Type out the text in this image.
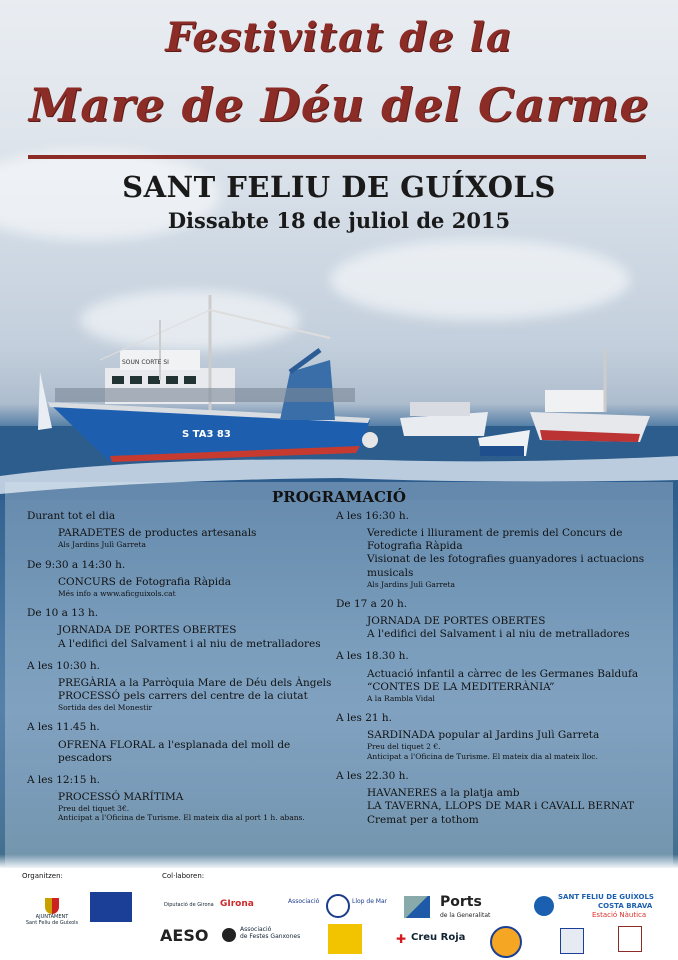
Festivitat de la
Mare de Déu del Carme
SANT FELIU DE GUÍXOLS
Dissabte 18 de juliol de 2015
S TA3 83
SOUN CORTE SI
PROGRAMACIÓ
Durant tot el dia
PARADETES de productes artesanals
Als Jardins Julì Garreta
De 9:30 a 14:30 h.
CONCURS de Fotografia Ràpida
Més info a www.aficguixols.cat
De 10 a 13 h.
JORNADA DE PORTES OBERTES
A l'edifici del Salvament i al niu de metralladores
A les 10:30 h.
PREGÀRIA a la Parròquia Mare de Déu dels Àngels
PROCESSÓ pels carrers del centre de la ciutat
Sortida des del Monestir
A les 11.45 h.
OFRENA FLORAL a l'esplanada del moll de pescadors
A les 12:15 h.
PROCESSÓ MARÍTIMA
Preu del tiquet 3€.
Anticipat a l'Oficina de Turisme. El mateix dia al port 1 h. abans.
A les 16:30 h.
Veredicte i lliurament de premis del Concurs de Fotografia Ràpida
Visionat de les fotografies guanyadores i actuacions musicals
Als Jardins Julì Garreta
De 17 a 20 h.
JORNADA DE PORTES OBERTES
A l'edifici del Salvament i al niu de metralladores
A les 18.30 h.
Actuació infantil a càrrec de les Germanes Baldufa
“CONTES DE LA MEDITERRÀNIA”
A la Rambla Vidal
A les 21 h.
SARDINADA popular al Jardins Julì Garreta
Preu del tiquet 2 €.
Anticipat a l'Oficina de Turisme. El mateix dia al mateix lloc.
A les 22.30 h.
HAVANERES a la platja amb
LA TAVERNA, LLOPS DE MAR i CAVALL BERNAT
Cremat per a tothom
Organitzen:	Col·laboren:
AJUNTAMENT
Sant Feliu de Guíxols
Diputació de Girona GIrona	Associació	Llop de Mar	Ports
de la Generalitat
SANT FELIU DE GUÍXOLS
COSTA BRAVA
Estació Nàutica
AESO	Associació
de Festes Ganxones	✚ Creu Roja
